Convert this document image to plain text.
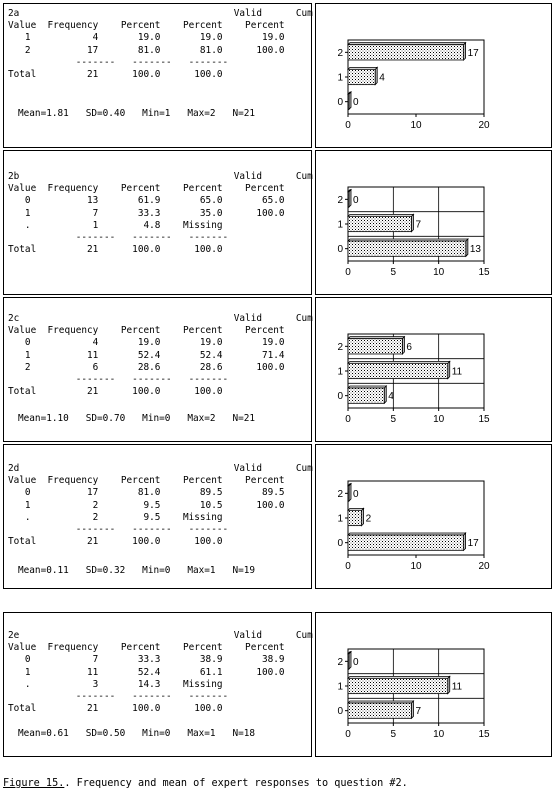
2a                                      Valid      Cum
Value  Frequency    Percent    Percent    Percent
1           4       19.0       19.0       19.0
2          17       81.0       81.0      100.0
-------   -------   -------
Total         21      100.0      100.0
Mean=1.81   SD=0.40   Min=1   Max=2   N=21
0	10	20
0 0
1	4
2	17
2b                                      Valid      Cum
Value  Frequency    Percent    Percent    Percent
0          13       61.9       65.0       65.0
1           7       33.3       35.0      100.0
.           1        4.8    Missing
-------   -------   -------
Total         21      100.0      100.0
0	5	10	15
0	13
1	7
2 0
2c                                      Valid      Cum
Value  Frequency    Percent    Percent    Percent
0           4       19.0       19.0       19.0
1          11       52.4       52.4       71.4
2           6       28.6       28.6      100.0
-------   -------   -------
Total         21      100.0      100.0
Mean=1.10   SD=0.70   Min=0   Max=2   N=21	0	5	10	15
0	4
1	11
2	6
2d                                      Valid      Cum
Value  Frequency    Percent    Percent    Percent
0          17       81.0       89.5       89.5
1           2        9.5       10.5      100.0
.           2        9.5    Missing
-------   -------   -------
Total         21      100.0      100.0
Mean=0.11   SD=0.32   Min=0   Max=1   N=19	0	10	20
0	17
1 2
2 0
2e                                      Valid      Cum
Value  Frequency    Percent    Percent    Percent
0           7       33.3       38.9       38.9
1          11       52.4       61.1      100.0
.           3       14.3    Missing
-------   -------   -------
Total         21      100.0      100.0
Mean=0.61   SD=0.50   Min=0   Max=1   N=18	0	5	10	15
0	7
1	11
2 0
Figure 15.. Frequency and mean of expert responses to question #2.
